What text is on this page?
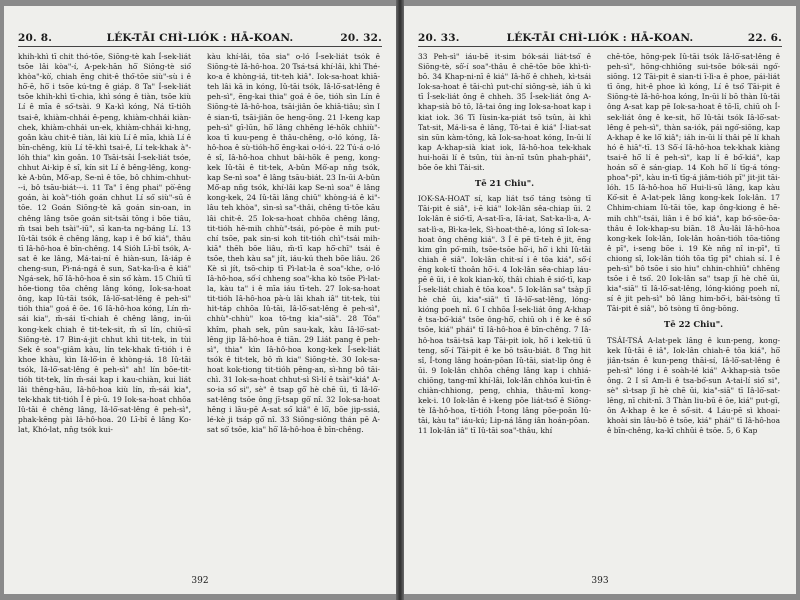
20. 8.	LÉK-TĀI CHÌ-LIÓK : HĀ-KOAN.	20. 32.

khih-khì tī chit thó-tōe, Siōng-tè kah Í-sek-liát tsōe lâi kòa"-í, A-pek-hān hō͘ Siōng-tè sió͘ khòa"-kò͘, chiah ēng chit-ê thó͘-tōe siù"-sù i ê hō͘-ē, hō͘ i tsōe kú-tng ê giáp. 8 Ta" Í-sek-liát tsōe khih-khì tī-chia, khì sóng ê tiàn, tsōe kiù Lí ê mīa ê só͘-tsài. 9 Ka-kì kóng, Ná tī-tiōh tsai-ê, khiàm-chhái ê-peng, khiàm-chhái kiàn-chek, khiàm-chhái un-ek, khiàm-chhái ki-hng, goân kàu chit-ê tiàn, lâi kiù Lí ê mīa, khià Lí ê bīn-chêng, kiù Lí tē-khì tsai-ê, Lí tek-khak à"-lóh thia" kìn goân. 10 Tsāi-tsāi Í-sek-liát tsóe, chhut Ai-kip ê sî, kín sit Lí ê bêng-lêng, kong-kè A-bûn, Mô͘-ap, Se-nì ê tōe, bô chhim-chhut---i, bô tsāu-biát---i. 11 Ta" î êng phai" pò͘-êng goán, ài koà"-tióh goán chhut Lí só͘ siù"-sū ê tōe. 12 Goán Siōng-tè kā goán sin-oan, in chêng lâng tsōe goán sit-tsāi tōng i bōe tiâu, m̄ tsai beh tsài"-iū", sī kan-ta ng-báng Lí. 13 Iû-tāi tsók ê chêng lâng, kap i ê bó͘ kiá", thâu tī Iâ-hô-hoa ê bīn-chêng. 14 Sióh Lī-bī tsók, A-sat ê ke lâng, Má-tai-ní ê hiàn-sun, Iâ-iáp ê cheng-sun, Pì-ná-ngá ê sun, Sat-ka-lì-a ê kiá" Ngá-sek, hō͘ Iâ-hô-hoa ê sin só͘ kàm. 15 Chiū tī hōe-tiong tōa chêng lâng kóng, Iok-sa-hoat ông, kap Iû-tāi tsók, Iâ-lō͘-sat-lêng ê peh-sì" tióh thia" goá ê ōe. 16 Iâ-hô-hoa kóng, Lín m̄-sái kia", m̄-sái tī-chiah ê chêng lâng, in-ūi kong-kek chiah ê tit-tek-sit, m̄ sī lín, chiū-sī Siōng-tè. 17 Bin-á-jit chhut khì tit-tek, in tùi Sek ê soa"-giâm kàu, lín tek-khak tī-tióh i ê khoe khàu, kìn Iâ-lō͘-in ê khòng-iá. 18 Iû-tāi tsók, Iâ-lō͘-sat-lêng ê peh-sì" ah! lín bōe-tit-tióh tit-tek, lín m̄-sái kap i kau-chiàn, kui liát lâi thêng-hāu, Iâ-hô-hoa kiù lín, m̄-sái kia", tek-khak tit-tióh Í ê pì-ū. 19 Iok-sa-hoat chhōa Iû-tāi ê chêng lâng, Iâ-lō͘-sat-lêng ê peh-sì", phak-kēng pài Iâ-hô-hoa. 20 Lī-bī ê lâng Ko-lat, Khó-lat, nn̄g tsók kui-

kàu khí-lâi, tōa sia" o-ló Í-sek-liát tsók ê Siōng-tè Iâ-hô-hoa. 20 Tsá-tsá khí-lâi, khì Thé-ko-a ê khòng-iá, tit-teh kiâ". Iok-sa-hoat khiā-teh lâi kā in kóng, Iû-tāi tsók, Iâ-lō͘-sat-lêng ê peh-sì", ēng-kai thia" goá ê ōe, tióh sìn Lín ê Siōng-tè Iâ-hô-hoa, tsāi-jiân ōe khiā-tiâu; sìn I ê sian-tī, tsāi-jiân ōe heng-ōng. 21 I-keng kap peh-sì" gī-lūn, hō͘ lâng chhēng lé-hōk chhiù"-koa tī kuu-peng ê thâu-chêng, o-ló kóng, Iâ-hô-hoa ê sù-tióh-hō͘ ēng-kai o-ló-i. 22 Tú-á o-ló ê sî, Iâ-hô-hoa chhut bâi-hōk ê peng, kong-kek Iû-tāi ê tit-tek, A-bûn Mô͘-ap nn̄g tsók, kap Se-nì soa" ê lâng tsāu-biát. 23 In-ūi A-bûn Mô͘-ap nn̄g tsók, khí-lâi kap Se-nì soa" ê lâng kong-kek, 24 Iû-tāi lâng chiū" khòng-iá ê ki"-lâu teh khòa", sìn-sì sa"-thâi, chêng tī-tōe kāu lâi chit-ê. 25 Iok-sa-hoat chhōa chêng lâng, tit-tióh hē-mih chhù"-tsái, pó-pòe ê mih put-chí tsōe, pak sin-si koh tit-tióh chì"-tsái mih-kiā" thēh bōe liâu, m̄-tī kap hō͘-chī" tsái ê tsōe, theh kàu sa" jít, iáu-kú theh bōe liâu. 26 Kè sì jít, tsō-chip tī Pì-lat-la ê soa"-khe, o-ló Iâ-hô-hoa, số-í chheng soa"-kha kò tsōe Pì-lat-la, kàu ta" i ê mīa iáu tī-teh. 27 Iok-sa-hoat tit-tióh Iâ-hô-hoa pà-ù lâi khah iâ" tit-tek, tùi hit-táp chhōa Iû-tāi, Iâ-lō͘-sat-lêng ê peh-sì", chhù"-chhù" koa tō-tng kia"-siā". 28 Tóa" khîm, phah sek, pûn sau-kak, kàu Iâ-lō͘-sat-lêng jip Iâ-hô-hoa ê tiān. 29 Liát pang ê peh-sì", thia" kìn Iâ-hô-hoa kong-kek Í-sek-liát tsók ê tit-tek, bô m̄ kia" Siōng-tè. 30 Iok-sa-hoat kok-tiong tit-tióh pêng-an, sì-hng bô tāi-chì. 31 Iok-sa-hoat chhut-sì Sì-lí ê tsài"-kiá" A-so-ia só͘ si", sè" ê tsap gō͘ hè chē ūi, tī Iâ-lō͘-sat-lêng tsōe ông jī-tsap gō͘ nî. 32 Iok-sa-hoat hēng i lāu-pē A-sat só͘ kiâ" ê lō͘, bōe jip-ssiá, lé-kè ji tsáp gō͘ nî. 33 Siōng-siōng thán pē A-sat só͘ tsōe, kia" hō͘ Iâ-hô-hoa ê bīn-chêng.

392
20. 33.	LÉK-TĀI CHÌ-LIÓK : HĀ-KOAN.	22. 6.

33 Peh-sì" iáu-bē it-sim bók-sái liát-tsó͘ ê Siōng-tè, sô͘-í soa"-thâu ê chē-tōe bōe khì-tì-bō. 34 Khap-ni-nī ê kiá" Iâ-hô͘ ê chheh, kì-tsái Iok-sa-hoat ê tāi-chì put-chí siōng-sè, iáh ū kì tī Í-sek-liát ông ê chheh. 35 Í-sek-liát ông A-khap-sià bō tō, Iâ-tai ông ing Iok-sa-hoat kap i kiat iok. 36 Tī Iùsin-ka-piát tsō tsûn, ài khì Tat-sit, Má-li-sa ê lâng, Tô-tai ê kiá" Í-liat-sat sin sūn kàm-tōng, kā Iok-sa-hoat kóng, In-ūi lí kap A-khap-sià kiat iok, Iâ-hô-hoa tek-khak hui-hoāi lí ê tsûn, tùi àn-nī tsûn phah-phái", bōe ōe khì Tāi-sit.

Tē 21 Chiu".

IOK-SA-HOAT sí, kap liát tsó͘ táng tsòng tī Tāi-pit ê siâ", i-ē kiá" Iok-lân sêa-chiap ūi. 2 Iok-lân ê sió͘-tī, A-sat-lī-a, Iâ-iat, Sat-ka-lì-a, A-sat-lì-a, Bì-ka-lek, Sì-hoat-thê-a, lóng sī Iok-sa-hoat ông chēng kiá". 3 Í ē pē tī-teh ê jit, ēng kim gîn pó͘-mih, tsōe-tsōe hō͘-i, hō͘ i khì Iû-tāi chiah ê siâ". Iok-lân chit-sí i ê tōa kiá", sô͘-í ēng kok-tī thoân hō͘-i. 4 Iok-lân sêa-chiap láu-pē ê ūi, i ê kok kian-kò͘, thâi chiah ê sió͘-tī, kap Í-sek-liát chiah ê tōa koa". 5 Iok-lân sa" tsàp jī hè chē ūi, kia"-siā" tī Iâ-lō͘-sat-lêng, lóng-kióng poeh nî. 6 I chhōa Í-sek-liát ông A-khap ê tsa-bó͘-kiá" tsōe ông-hō͘, chiū oh i ê ke ê só͘ tsōe, kiá" phái" tī Iâ-hô-hoa ê bīn-chêng. 7 Iâ-hô-hoa tsāi-tsā kap Tāi-pit iok, hō͘ i kek-tiū ū teng, sô͘-í Tāi-pit ê ke bō tsāu-biát. 8 Tng hit sî, Í-tong lâng hoán-pōan Iû-tāi, siat-lip ông ê ūi. 9 Iok-lân chhōa chêng lâng kap i chhiá-chiōng, tang-mî khí-lâi, Iok-lân chhōa kui-tīn ê chiàn-chhiong, peng, chhia, thâu-mī kong-kek-i. 10 Iok-lân ê i-keng pōe liát-tsó͘ ê Siōng-tè Iâ-hô-hoa, tī-tióh Í-tong lâng pōe-poān Iû-tāi, kàu ta" iáu-kú; Lip-ná lâng iân hoán-pōan.

11 Iok-lân iâ" tī Iû-tāi soa"-thâu, khí

chē-tōe, hōng-pek Iû-tāi tsók Iâ-lō͘-sat-lêng ê peh-sì", hōng-chhiōng sui-tsōe bók-sái ngó͘-siōng. 12 Tāi-pit ê sian-ti ī-lì-a ê phoe, pái-liát tī ōng, hit-ê phoe kì kóng, Lí ê tsó͘ Tāi-pit ê Siōng-tè Iâ-hô-hoa kóng, In-ūi lí bō thàn Iû-tāi ông A-sat kap pē Iok-sa-hoat ê tō-lī, chiū oh Í-sek-liát ông ê ke-sit, hō͘ Iû-tāi tsók Iâ-lō͘-sat-lêng ê peh-sì", thàn sa-iók, pái ngó͘-siōng, kap A-khap ê ke lō͘ kiâ"; iáh in-ūi lí thâi pē lí khah hó ê hiā"-tī. 13 Sô͘-í Iâ-hô-hoa tek-khak kiàng tsai-ê hō͘ lí ê peh-sì", kap lí ê bó͘-kiá", kap hoán sô͘ ê sán-giap. 14 Koh hō͘ lí tīg-á tóng-phoa"-pī", kàu in-tī tīg-á jiâm-tióh pī" jit-jit tāi-lóh. 15 Iâ-hô-hoa hō͘ Hui-li-sū lâng, kap kàu Kó͘-sit ê A-lat-pek lâng kong-kek Iok-lân. 17 Chhim-chiam Iû-tāi tōe, kap ông-kiong ê hē-mih chh"-tsái, liân i ê bó͘ kiá", kap bó͘-sōe-ōa-thâu ê Iok-khap-su biān. 18 Àu-lâi Iâ-hô-hoa kong-kek Iok-lân, Iok-lân hoân-tióh tōa-tiōng ê pī", i-seng bōe i. 19 Kè nn̄g nî in-pī", tī chiong sî, Iok-lân tióh tōa tīg pī" chiah sí. I ê peh-sì" bô tsōe i sio hiu" chhin-chhiū" chhēng tsōe i ê tsó͘. 20 Iok-lân sa" tsap jī hè chē ūi, kia"-siā" tī Iâ-lō͘-sat-lêng, lóng-kióng poeh nî, sí ê jit peh-sì" bô lâng him-bō͘-i, bāi-tsòng tī Tāi-pit ê siâ", bō tsòng tī ông-bōng.

Tē 22 Chiu".

TSÁI-TSÁ A-lat-pek lâng ê kun-peng, kong-kek Iû-tāi ê iâ", Iok-lân chiah-ē tōa kiá", hō͘ jiân-tsán ê kun-peng thāi-sí, Iâ-lō͘-sat-lêng ê peh-sì" lóng i ê soàh-lé kiá" A-khap-sià tsōe ông. 2 I sī Am-li ê tsa-bó͘-sun A-tai-lí sió͘ si", sè" sì-tsap jī hè chē ūi, kia"-siā" tī Iâ-lō͘-sat-lêng, nī chit-nî. 3 Thàn liu-bū ê ōe, kiá" put-gī, ōn A-khap ê ke ê só͘-sit. 4 Láu-pē sì khoai-khoài sin lâu-bō ê tsōe, kiá" phái" tī Iâ-hô-hoa ê bīn-chêng, ka-kī chhūi ê tsōe. 5, 6 Kap

393
